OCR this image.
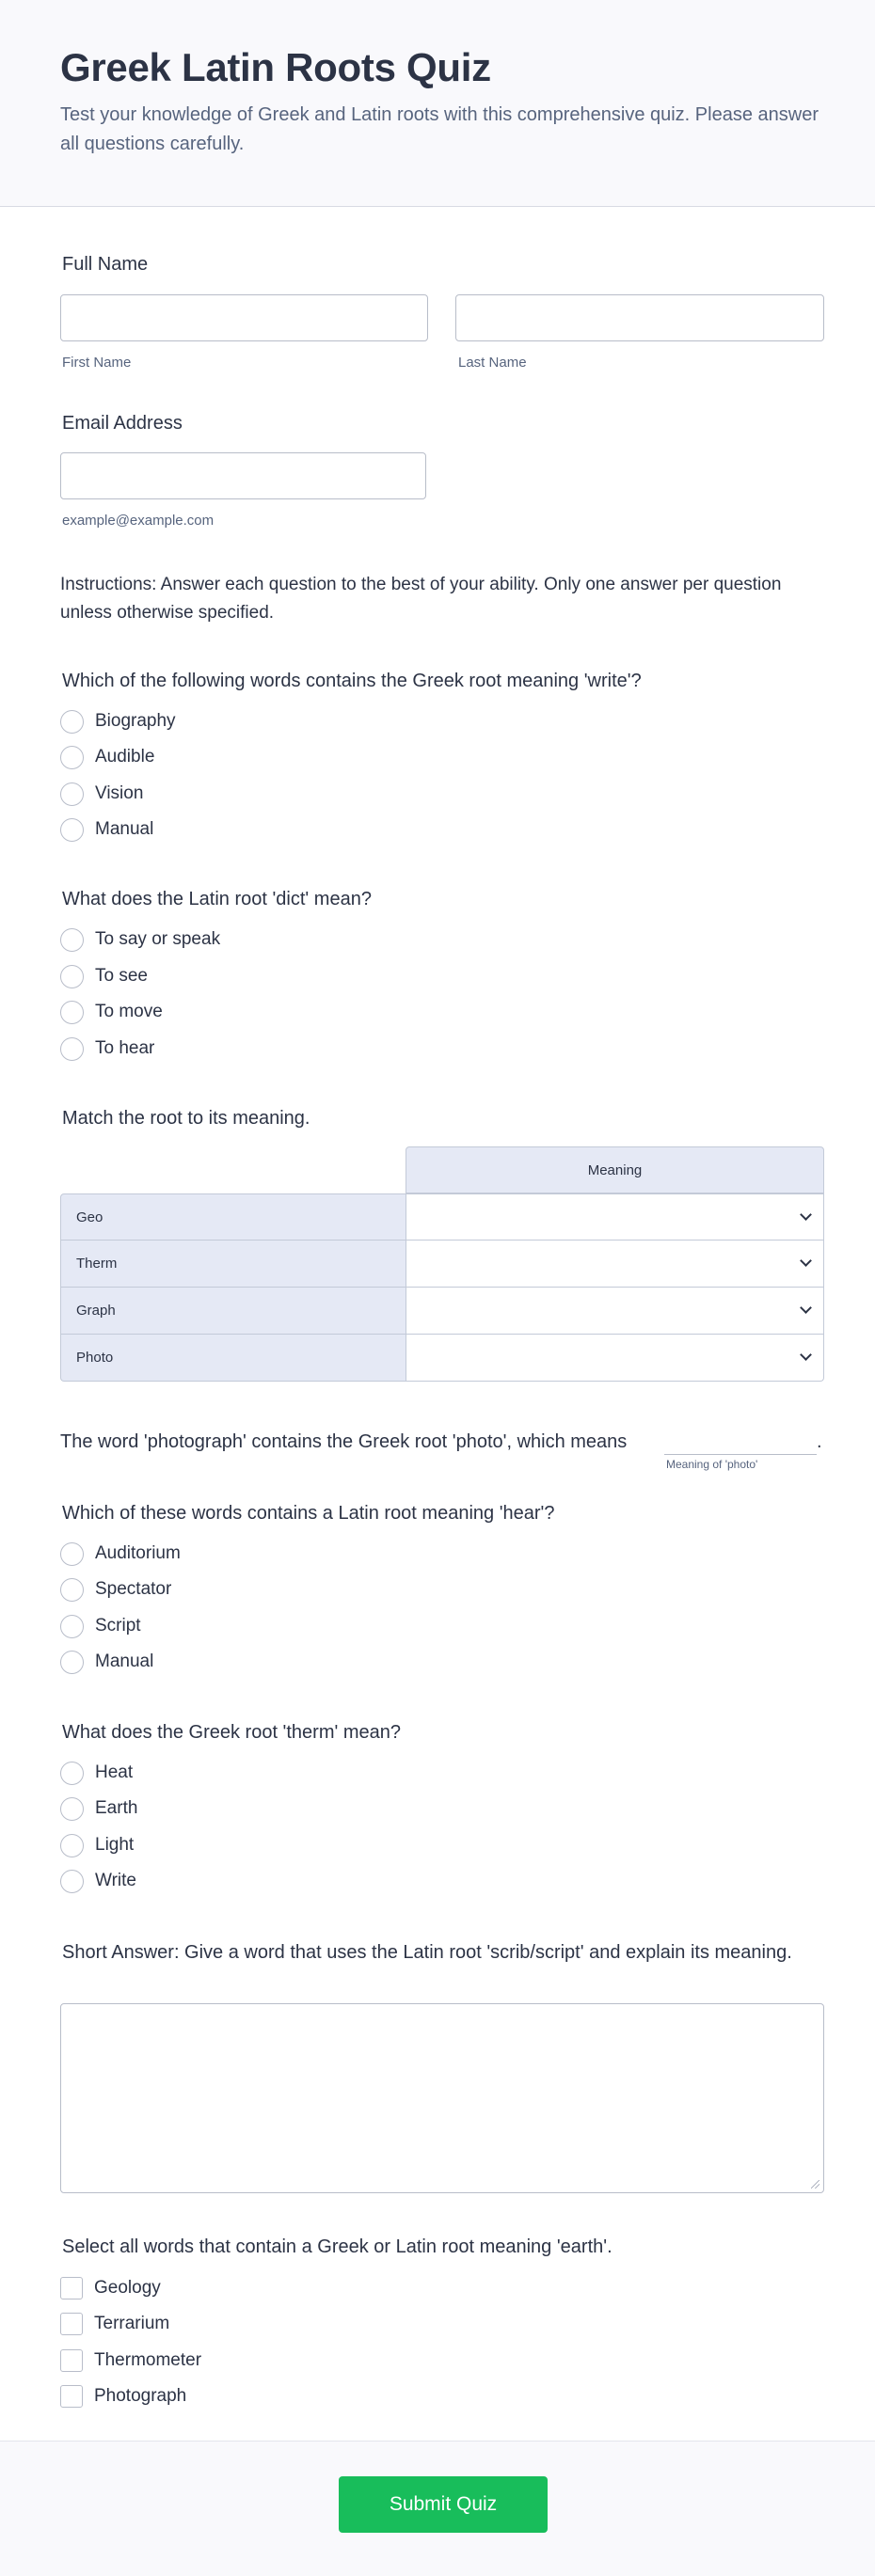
Greek Latin Roots Quiz

Test your knowledge of Greek and Latin roots with this comprehensive quiz. Please answer all questions carefully.

Full Name
First Name	Last Name
Email Address
example@example.com
Instructions: Answer each question to the best of your ability. Only one answer per question unless otherwise specified.
Which of the following words contains the Greek root meaning 'write'?
Biography
Audible
Vision
Manual
What does the Latin root 'dict' mean?
To say or speak
To see
To move
To hear
Match the root to its meaning.
Meaning
Geo
Therm
Graph
Photo
The word 'photograph' contains the Greek root 'photo', which means	.
Meaning of 'photo'
Which of these words contains a Latin root meaning 'hear'?
Auditorium
Spectator
Script
Manual
What does the Greek root 'therm' mean?
Heat
Earth
Light
Write
Short Answer: Give a word that uses the Latin root 'scrib/script' and explain its meaning.
Select all words that contain a Greek or Latin root meaning 'earth'.
Geology
Terrarium
Thermometer
Photograph
Submit Quiz
